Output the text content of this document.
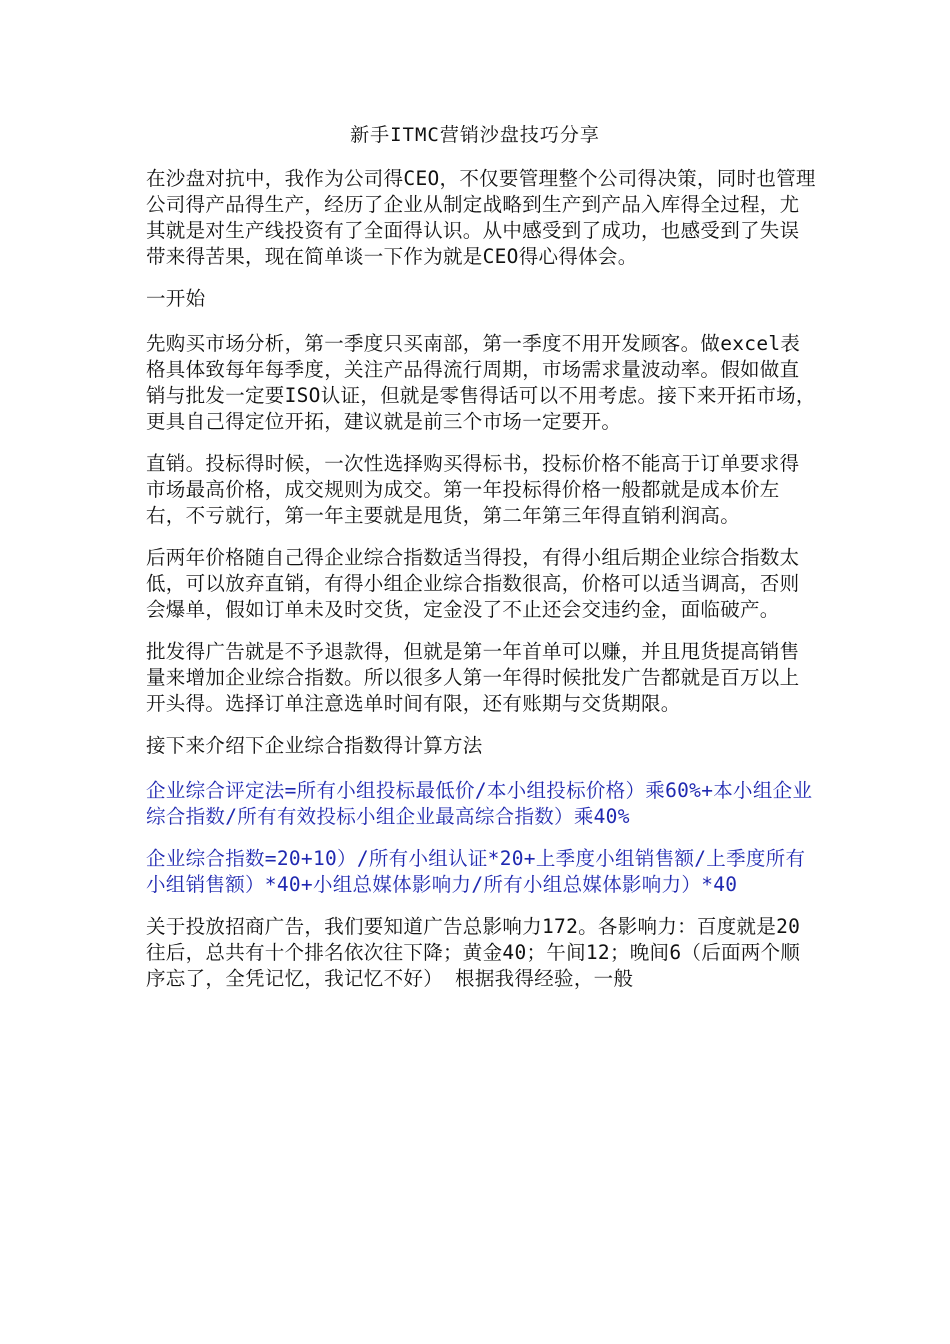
新手ITMC营销沙盘技巧分享

在沙盘对抗中，我作为公司得CEO，不仅要管理整个公司得决策，同时也管理公司得产品得生产，经历了企业从制定战略到生产到产品入库得全过程，尤其就是对生产线投资有了全面得认识。从中感受到了成功，也感受到了失误带来得苦果，现在简单谈一下作为就是CEO得心得体会。

一开始

先购买市场分析，第一季度只买南部，第一季度不用开发顾客。做excel表格具体致每年每季度，关注产品得流行周期，市场需求量波动率。假如做直销与批发一定要ISO认证，但就是零售得话可以不用考虑。接下来开拓市场，更具自己得定位开拓，建议就是前三个市场一定要开。

直销。投标得时候，一次性选择购买得标书，投标价格不能高于订单要求得市场最高价格，成交规则为成交。第一年投标得价格一般都就是成本价左右，不亏就行，第一年主要就是甩货，第二年第三年得直销利润高。

后两年价格随自己得企业综合指数适当得投，有得小组后期企业综合指数太低，可以放弃直销，有得小组企业综合指数很高，价格可以适当调高，否则会爆单，假如订单未及时交货，定金没了不止还会交违约金，面临破产。

批发得广告就是不予退款得，但就是第一年首单可以赚，并且甩货提高销售量来增加企业综合指数。所以很多人第一年得时候批发广告都就是百万以上开头得。选择订单注意选单时间有限，还有账期与交货期限。

接下来介绍下企业综合指数得计算方法

企业综合评定法=所有小组投标最低价/本小组投标价格）乘60%+本小组企业综合指数/所有有效投标小组企业最高综合指数）乘40%

企业综合指数=20+10）/所有小组认证*20+上季度小组销售额/上季度所有小组销售额）*40+小组总媒体影响力/所有小组总媒体影响力）*40

关于投放招商广告，我们要知道广告总影响力172。各影响力：百度就是20往后，总共有十个排名依次往下降；黄金40；午间12；晚间6（后面两个顺序忘了，全凭记忆，我记忆不好） 根据我得经验，一般
